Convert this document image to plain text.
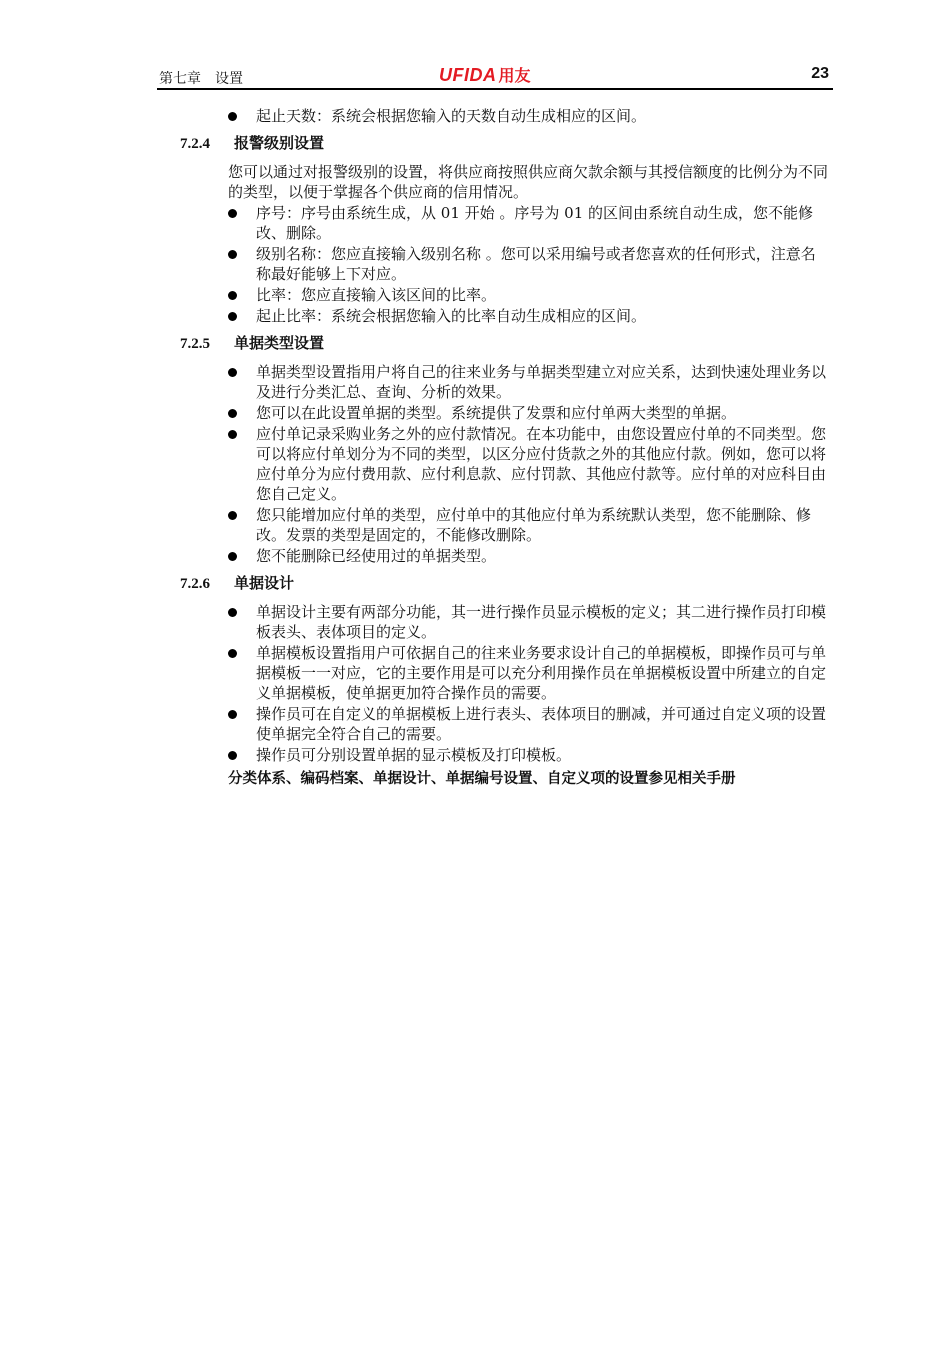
第七章　设置	UFIDA 用友	23
起止天数：系统会根据您输入的天数自动生成相应的区间。
7.2.4 报警级别设置

您可以通过对报警级别的设置，将供应商按照供应商欠款余额与其授信额度的比例分为不同的类型，以便于掌握各个供应商的信用情况。

序号：序号由系统生成，从 01 开始 。序号为 01 的区间由系统自动生成，您不能修改、删除。
级别名称：您应直接输入级别名称 。您可以采用编号或者您喜欢的任何形式，注意名称最好能够上下对应。
比率：您应直接输入该区间的比率。
起止比率：系统会根据您输入的比率自动生成相应的区间。
7.2.5 单据类型设置
单据类型设置指用户将自己的往来业务与单据类型建立对应关系，达到快速处理业务以及进行分类汇总、查询、分析的效果。
您可以在此设置单据的类型。系统提供了发票和应付单两大类型的单据。
应付单记录采购业务之外的应付款情况。在本功能中，由您设置应付单的不同类型。您可以将应付单划分为不同的类型，以区分应付货款之外的其他应付款。例如，您可以将应付单分为应付费用款、应付利息款、应付罚款、其他应付款等。应付单的对应科目由您自己定义。
您只能增加应付单的类型，应付单中的其他应付单为系统默认类型，您不能删除、修改。发票的类型是固定的，不能修改删除。
您不能删除已经使用过的单据类型。
7.2.6 单据设计
单据设计主要有两部分功能，其一进行操作员显示模板的定义；其二进行操作员打印模板表头、表体项目的定义。
单据模板设置指用户可依据自己的往来业务要求设计自己的单据模板，即操作员可与单据模板一一对应，它的主要作用是可以充分利用操作员在单据模板设置中所建立的自定义单据模板，使单据更加符合操作员的需要。
操作员可在自定义的单据模板上进行表头、表体项目的删减，并可通过自定义项的设置使单据完全符合自己的需要。
操作员可分别设置单据的显示模板及打印模板。

分类体系、编码档案、单据设计、单据编号设置、自定义项的设置参见相关手册
